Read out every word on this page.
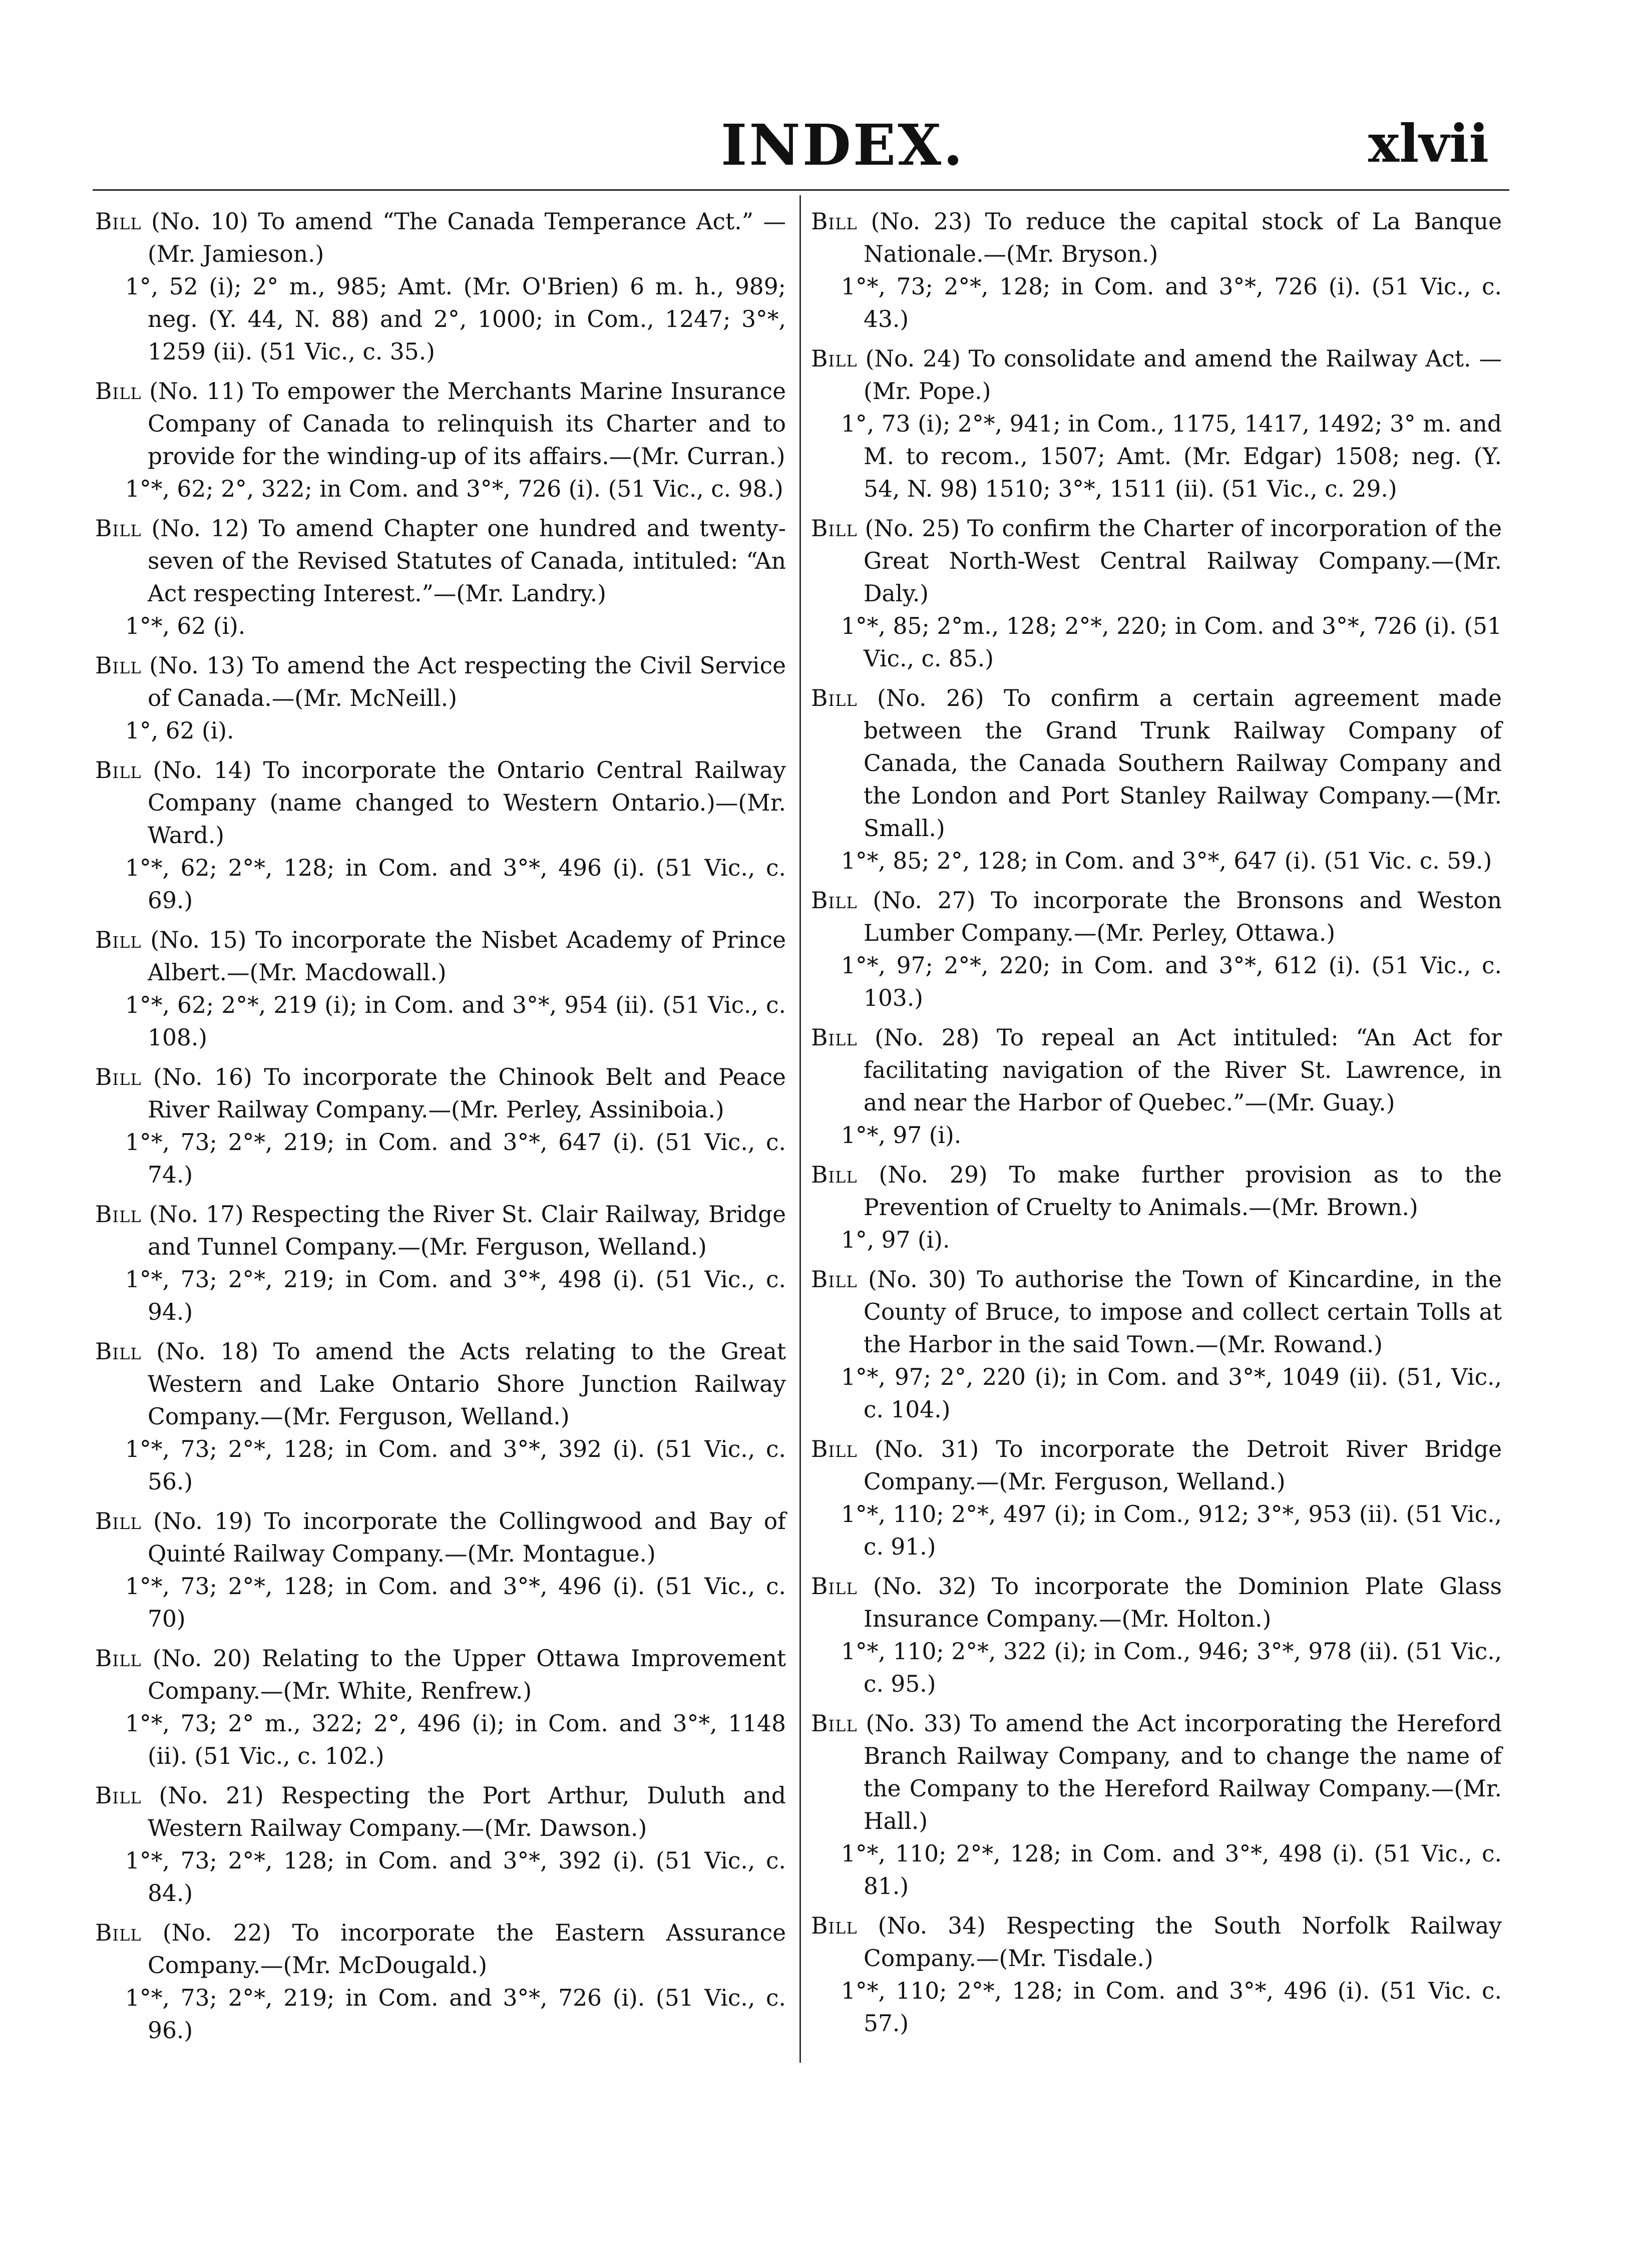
INDEX.	xlvii

Bill (No. 10) To amend “The Canada Temperance Act.” —(Mr. Jamieson.)

1°, 52 (i); 2° m., 985; Amt. (Mr. O'Brien) 6 m. h., 989; neg. (Y. 44, N. 88) and 2°, 1000; in Com., 1247; 3°*, 1259 (ii). (51 Vic., c. 35.)

Bill (No. 11) To empower the Merchants Marine Insurance Company of Canada to relinquish its Charter and to provide for the winding-up of its affairs.—(Mr. Curran.)

1°*, 62; 2°, 322; in Com. and 3°*, 726 (i). (51 Vic., c. 98.)

Bill (No. 12) To amend Chapter one hundred and twenty-seven of the Revised Statutes of Canada, intituled: “An Act respecting Interest.”—(Mr. Landry.)

1°*, 62 (i).

Bill (No. 13) To amend the Act respecting the Civil Service of Canada.—(Mr. McNeill.)

1°, 62 (i).

Bill (No. 14) To incorporate the Ontario Central Railway Company (name changed to Western Ontario.)—(Mr. Ward.)

1°*, 62; 2°*, 128; in Com. and 3°*, 496 (i). (51 Vic., c. 69.)

Bill (No. 15) To incorporate the Nisbet Academy of Prince Albert.—(Mr. Macdowall.)

1°*, 62; 2°*, 219 (i); in Com. and 3°*, 954 (ii). (51 Vic., c. 108.)

Bill (No. 16) To incorporate the Chinook Belt and Peace River Railway Company.—(Mr. Perley, Assiniboia.)

1°*, 73; 2°*, 219; in Com. and 3°*, 647 (i). (51 Vic., c. 74.)

Bill (No. 17) Respecting the River St. Clair Railway, Bridge and Tunnel Company.—(Mr. Ferguson, Welland.)

1°*, 73; 2°*, 219; in Com. and 3°*, 498 (i). (51 Vic., c. 94.)

Bill (No. 18) To amend the Acts relating to the Great Western and Lake Ontario Shore Junction Railway Company.—(Mr. Ferguson, Welland.)

1°*, 73; 2°*, 128; in Com. and 3°*, 392 (i). (51 Vic., c. 56.)

Bill (No. 19) To incorporate the Collingwood and Bay of Quinté Railway Company.—(Mr. Montague.)

1°*, 73; 2°*, 128; in Com. and 3°*, 496 (i). (51 Vic., c. 70)

Bill (No. 20) Relating to the Upper Ottawa Improvement Company.—(Mr. White, Renfrew.)

1°*, 73; 2° m., 322; 2°, 496 (i); in Com. and 3°*, 1148 (ii). (51 Vic., c. 102.)

Bill (No. 21) Respecting the Port Arthur, Duluth and Western Railway Company.—(Mr. Dawson.)

1°*, 73; 2°*, 128; in Com. and 3°*, 392 (i). (51 Vic., c. 84.)

Bill (No. 22) To incorporate the Eastern Assurance Company.—(Mr. McDougald.)

1°*, 73; 2°*, 219; in Com. and 3°*, 726 (i). (51 Vic., c. 96.)

Bill (No. 23) To reduce the capital stock of La Banque Nationale.—(Mr. Bryson.)

1°*, 73; 2°*, 128; in Com. and 3°*, 726 (i). (51 Vic., c. 43.)

Bill (No. 24) To consolidate and amend the Railway Act. —(Mr. Pope.)

1°, 73 (i); 2°*, 941; in Com., 1175, 1417, 1492; 3° m. and M. to recom., 1507; Amt. (Mr. Edgar) 1508; neg. (Y. 54, N. 98) 1510; 3°*, 1511 (ii). (51 Vic., c. 29.)

Bill (No. 25) To confirm the Charter of incorporation of the Great North-West Central Railway Company.—(Mr. Daly.)

1°*, 85; 2°m., 128; 2°*, 220; in Com. and 3°*, 726 (i). (51 Vic., c. 85.)

Bill (No. 26) To confirm a certain agreement made between the Grand Trunk Railway Company of Canada, the Canada Southern Railway Company and the London and Port Stanley Railway Company.—(Mr. Small.)

1°*, 85; 2°, 128; in Com. and 3°*, 647 (i). (51 Vic. c. 59.)

Bill (No. 27) To incorporate the Bronsons and Weston Lumber Company.—(Mr. Perley, Ottawa.)

1°*, 97; 2°*, 220; in Com. and 3°*, 612 (i). (51 Vic., c. 103.)

Bill (No. 28) To repeal an Act intituled: “An Act for facilitating navigation of the River St. Lawrence, in and near the Harbor of Quebec.”—(Mr. Guay.)

1°*, 97 (i).

Bill (No. 29) To make further provision as to the Prevention of Cruelty to Animals.—(Mr. Brown.)

1°, 97 (i).

Bill (No. 30) To authorise the Town of Kincardine, in the County of Bruce, to impose and collect certain Tolls at the Harbor in the said Town.—(Mr. Rowand.)

1°*, 97; 2°, 220 (i); in Com. and 3°*, 1049 (ii). (51, Vic., c. 104.)

Bill (No. 31) To incorporate the Detroit River Bridge Company.—(Mr. Ferguson, Welland.)

1°*, 110; 2°*, 497 (i); in Com., 912; 3°*, 953 (ii). (51 Vic., c. 91.)

Bill (No. 32) To incorporate the Dominion Plate Glass Insurance Company.—(Mr. Holton.)

1°*, 110; 2°*, 322 (i); in Com., 946; 3°*, 978 (ii). (51 Vic., c. 95.)

Bill (No. 33) To amend the Act incorporating the Hereford Branch Railway Company, and to change the name of the Company to the Hereford Railway Company.—(Mr. Hall.)

1°*, 110; 2°*, 128; in Com. and 3°*, 498 (i). (51 Vic., c. 81.)

Bill (No. 34) Respecting the South Norfolk Railway Company.—(Mr. Tisdale.)

1°*, 110; 2°*, 128; in Com. and 3°*, 496 (i). (51 Vic. c. 57.)
